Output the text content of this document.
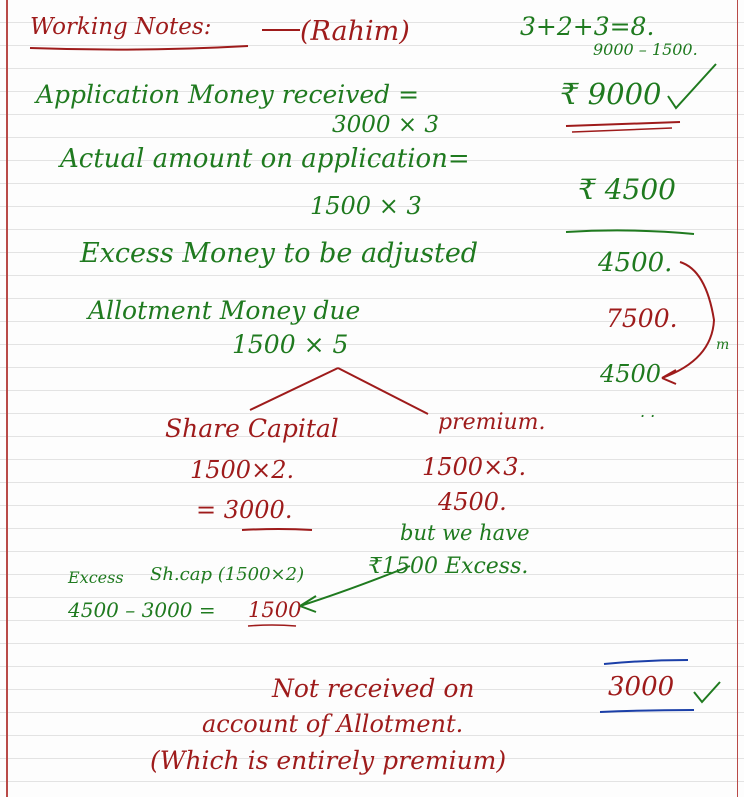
Working Notes:	(Rahim)	3+2+3=8.
9000 – 1500.
Application Money received =
3000 × 3
₹ 9000
Actual amount on application=
1500 × 3	₹ 4500
Excess Money to be adjusted	4500.
Allotment Money due
1500 × 5
7500.
4500
. .
m
Share Capital
1500×2.
= 3000.
premium.
1500×3.
4500.
but we have
₹1500 Excess.
Excess Sh.cap (1500×2)
4500 – 3000 = 1500
Not received on
account of Allotment.
(Which is entirely premium)
3000
